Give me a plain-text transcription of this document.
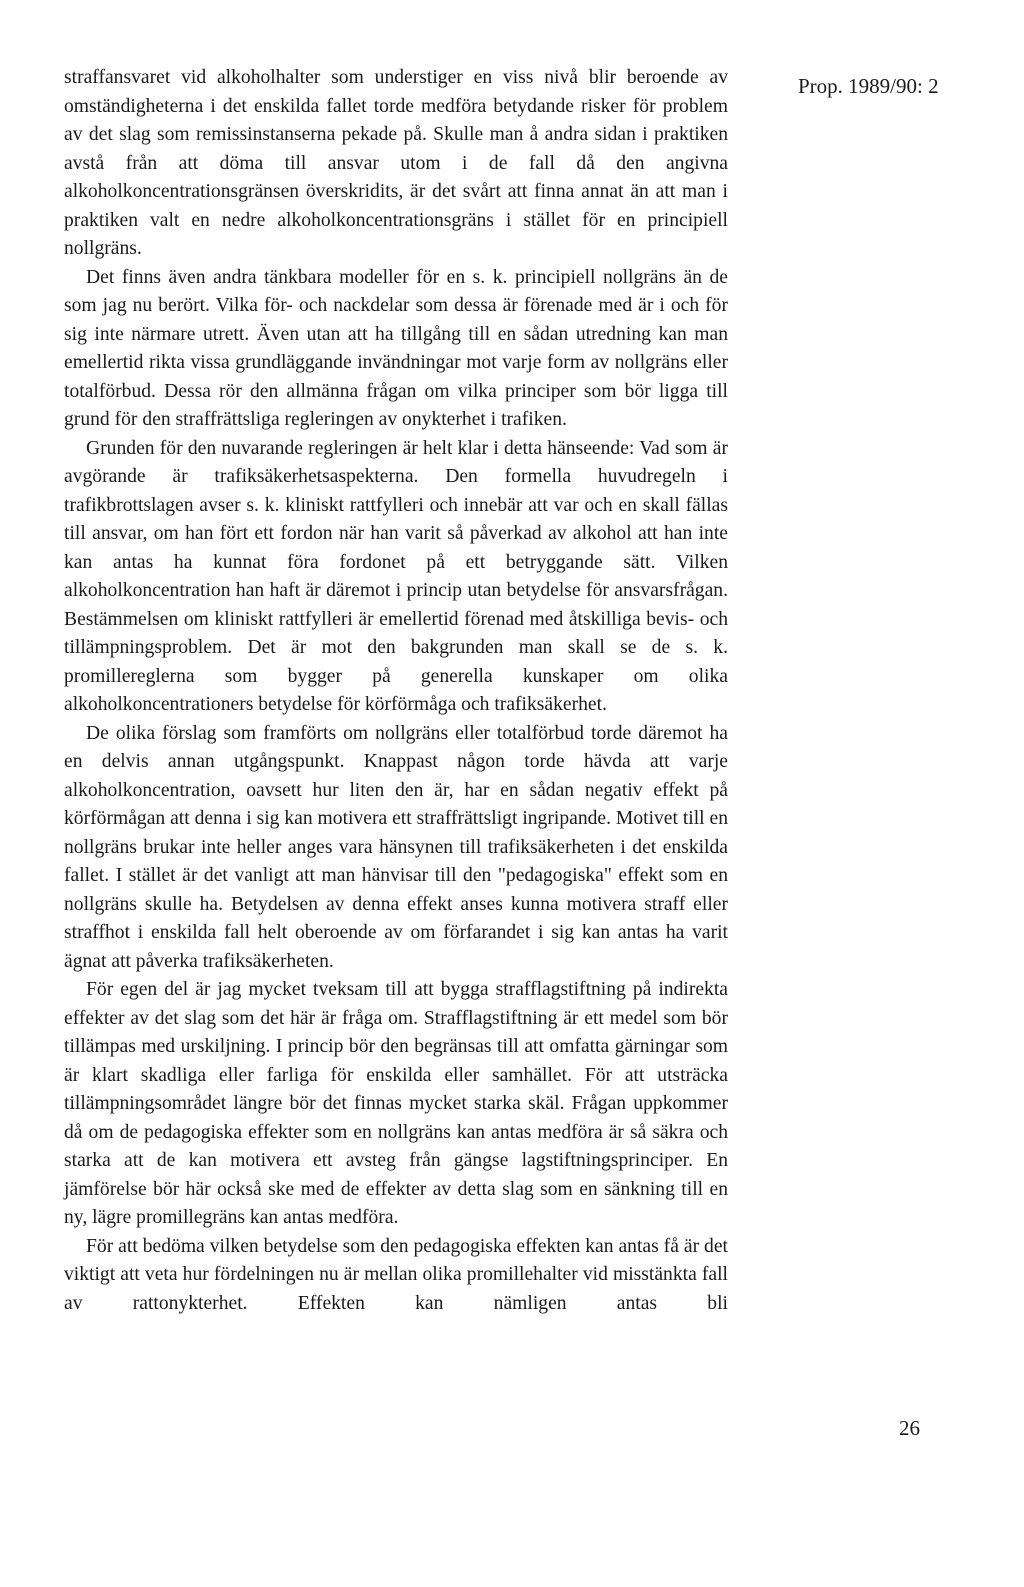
straffansvaret vid alkoholhalter som understiger en viss nivå blir beroende av omständigheterna i det enskilda fallet torde medföra betydande risker för problem av det slag som remissinstanserna pekade på. Skulle man å andra sidan i praktiken avstå från att döma till ansvar utom i de fall då den angivna alkoholkoncentrationsgränsen överskridits, är det svårt att finna annat än att man i praktiken valt en nedre alkoholkoncentrationsgräns i stället för en principiell nollgräns.

Det finns även andra tänkbara modeller för en s. k. principiell nollgräns än de som jag nu berört. Vilka för- och nackdelar som dessa är förenade med är i och för sig inte närmare utrett. Även utan att ha tillgång till en sådan utredning kan man emellertid rikta vissa grundläggande invändningar mot varje form av nollgräns eller totalförbud. Dessa rör den allmänna frågan om vilka principer som bör ligga till grund för den straffrättsliga regleringen av onykterhet i trafiken.

Grunden för den nuvarande regleringen är helt klar i detta hänseende: Vad som är avgörande är trafiksäkerhetsaspekterna. Den formella huvudregeln i trafikbrottslagen avser s. k. kliniskt rattfylleri och innebär att var och en skall fällas till ansvar, om han fört ett fordon när han varit så påverkad av alkohol att han inte kan antas ha kunnat föra fordonet på ett betryggande sätt. Vilken alkoholkoncentration han haft är däremot i princip utan betydelse för ansvarsfrågan. Bestämmelsen om kliniskt rattfylleri är emellertid förenad med åtskilliga bevis- och tillämpningsproblem. Det är mot den bakgrunden man skall se de s. k. promillereglerna som bygger på generella kunskaper om olika alkoholkoncentrationers betydelse för körförmåga och trafiksäkerhet.

De olika förslag som framförts om nollgräns eller totalförbud torde däremot ha en delvis annan utgångspunkt. Knappast någon torde hävda att varje alkoholkoncentration, oavsett hur liten den är, har en sådan negativ effekt på körförmågan att denna i sig kan motivera ett straffrättsligt ingripande. Motivet till en nollgräns brukar inte heller anges vara hänsynen till trafiksäkerheten i det enskilda fallet. I stället är det vanligt att man hänvisar till den "pedagogiska" effekt som en nollgräns skulle ha. Betydelsen av denna effekt anses kunna motivera straff eller straffhot i enskilda fall helt oberoende av om förfarandet i sig kan antas ha varit ägnat att påverka trafiksäkerheten.

För egen del är jag mycket tveksam till att bygga strafflagstiftning på indirekta effekter av det slag som det här är fråga om. Strafflagstiftning är ett medel som bör tillämpas med urskiljning. I princip bör den begränsas till att omfatta gärningar som är klart skadliga eller farliga för enskilda eller samhället. För att utsträcka tillämpningsområdet längre bör det finnas mycket starka skäl. Frågan uppkommer då om de pedagogiska effekter som en nollgräns kan antas medföra är så säkra och starka att de kan motivera ett avsteg från gängse lagstiftningsprinciper. En jämförelse bör här också ske med de effekter av detta slag som en sänkning till en ny, lägre promillegräns kan antas medföra.

För att bedöma vilken betydelse som den pedagogiska effekten kan antas få är det viktigt att veta hur fördelningen nu är mellan olika promillehalter vid misstänkta fall av rattonykterhet. Effekten kan nämligen antas bli

Prop. 1989/90: 2
26
